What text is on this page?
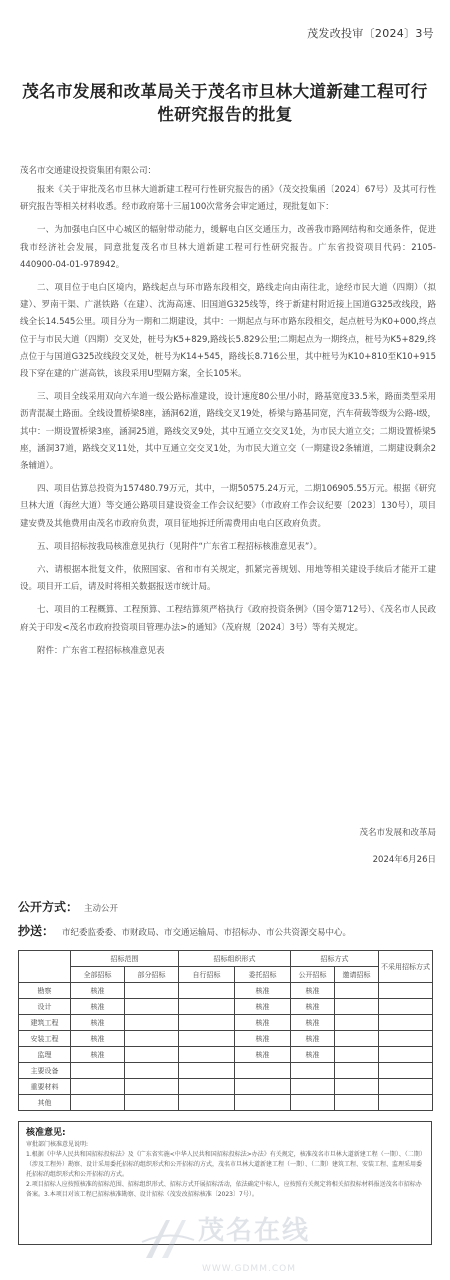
茂发改投审〔2024〕3号
茂名市发展和改革局关于茂名市旦林大道新建工程可行性研究报告的批复
茂名市交通建设投资集团有限公司：

报来《关于审批茂名市旦林大道新建工程可行性研究报告的函》（茂交投集函〔2024〕67号）及其可行性研究报告等相关材料收悉。经市政府第十三届100次常务会审定通过，现批复如下：

一、为加强电白区中心城区的辐射带动能力，缓解电白区交通压力，改善我市路网结构和交通条件，促进我市经济社会发展，同意批复茂名市旦林大道新建工程可行性研究报告。广东省投资项目代码：2105-440900-04-01-978942。

二、项目位于电白区境内，路线起点与环市路东段相交，路线走向由南往北，途经市民大道（四期）（拟建）、罗南干渠、广湛铁路（在建）、沈海高速、旧国道G325线等，终于新建村附近接上国道G325改线段，路线全长14.545公里。项目分为一期和二期建设，其中：一期起点与环市路东段相交，起点桩号为K0+000,终点位于与市民大道（四期）交叉处，桩号为K5+829,路线长5.829公里;二期起点为一期终点，桩号为K5+829,终点位于与国道G325改线段交叉处，桩号为K14+545，路线长8.716公里，其中桩号为K10+810至K10+915段下穿在建的广湛高铁，该段采用U型隔方案，全长105米。

三、项目全线采用双向六车道一级公路标准建设，设计速度80公里/小时，路基宽度33.5米，路面类型采用沥青混凝土路面。全线设置桥梁8座，涵洞62道，路线交叉19处，桥梁与路基同宽，汽车荷载等级为公路-Ⅰ级，其中：一期设置桥梁3座，涵洞25道，路线交叉9处，其中互通立交交叉1处，为市民大道立交；二期设置桥梁5座，涵洞37道，路线交叉11处，其中互通立交交叉1处，为市民大道立交（一期建设2条辅道，二期建设剩余2条辅道）。

四、项目估算总投资为157480.79万元，其中，一期50575.24万元，二期106905.55万元。根据《研究旦林大道（海丝大道）等交通公路项目建设资金工作会议纪要》（市政府工作会议纪要〔2023〕130号），项目建安费及其他费用由茂名市政府负责，项目征地拆迁所需费用由电白区政府负责。

五、项目招标按我局核准意见执行（见附件“广东省工程招标核准意见表”）。

六、请根据本批复文件，依照国家、省和市有关规定，抓紧完善规划、用地等相关建设手续后才能开工建设。项目开工后，请及时将相关数据报送市统计局。

七、项目的工程概算、工程预算、工程结算须严格执行《政府投资条例》（国令第712号）、《茂名市人民政府关于印发<茂名市政府投资项目管理办法>的通知》（茂府规〔2024〕3号）等有关规定。

附件：广东省工程招标核准意见表

茂名市发展和改革局
2024年6月26日
公开方式： 主动公开
抄送： 市纪委监委委、市财政局、市交通运输局、市招标办、市公共资源交易中心。
	招标范围		招标组织形式		招标方式		不采用招标方式
	全部招标	部分招标	自行招标	委托招标	公开招标	邀请招标	
勘察	核准			核准	核准		
设计	核准			核准	核准		
建筑工程	核准			核准	核准		
安装工程	核准			核准	核准		
监理	核准			核准	核准		
主要设备							
重要材料							
其他							
核准意见:
审批部门核准意见说明:
1.根据《中华人民共和国招标投标法》及《广东省实施<中华人民共和国招标投标法>办法》有关规定，核准茂名市旦林大道新建工程（一期）、（二期）（涉及工程外）勘察、设计采用委托招标的组织形式和公开招标的方式，茂名市旦林大道新建工程（一期）、（二期）建筑工程、安装工程、监理采用委托招标的组织形式和公开招标的方式。
2.项目招标人应按照核准的招标范围、招标组织形式、招标方式开展招标活动，依法确定中标人，应按照有关规定将相关招投标材料报送茂名市招标办备案。3.本项目对该工程已招标核准勘察、设计招标（茂发改招标核准〔2023〕7号）。
茂名在线
WWW.GDMM.COM
